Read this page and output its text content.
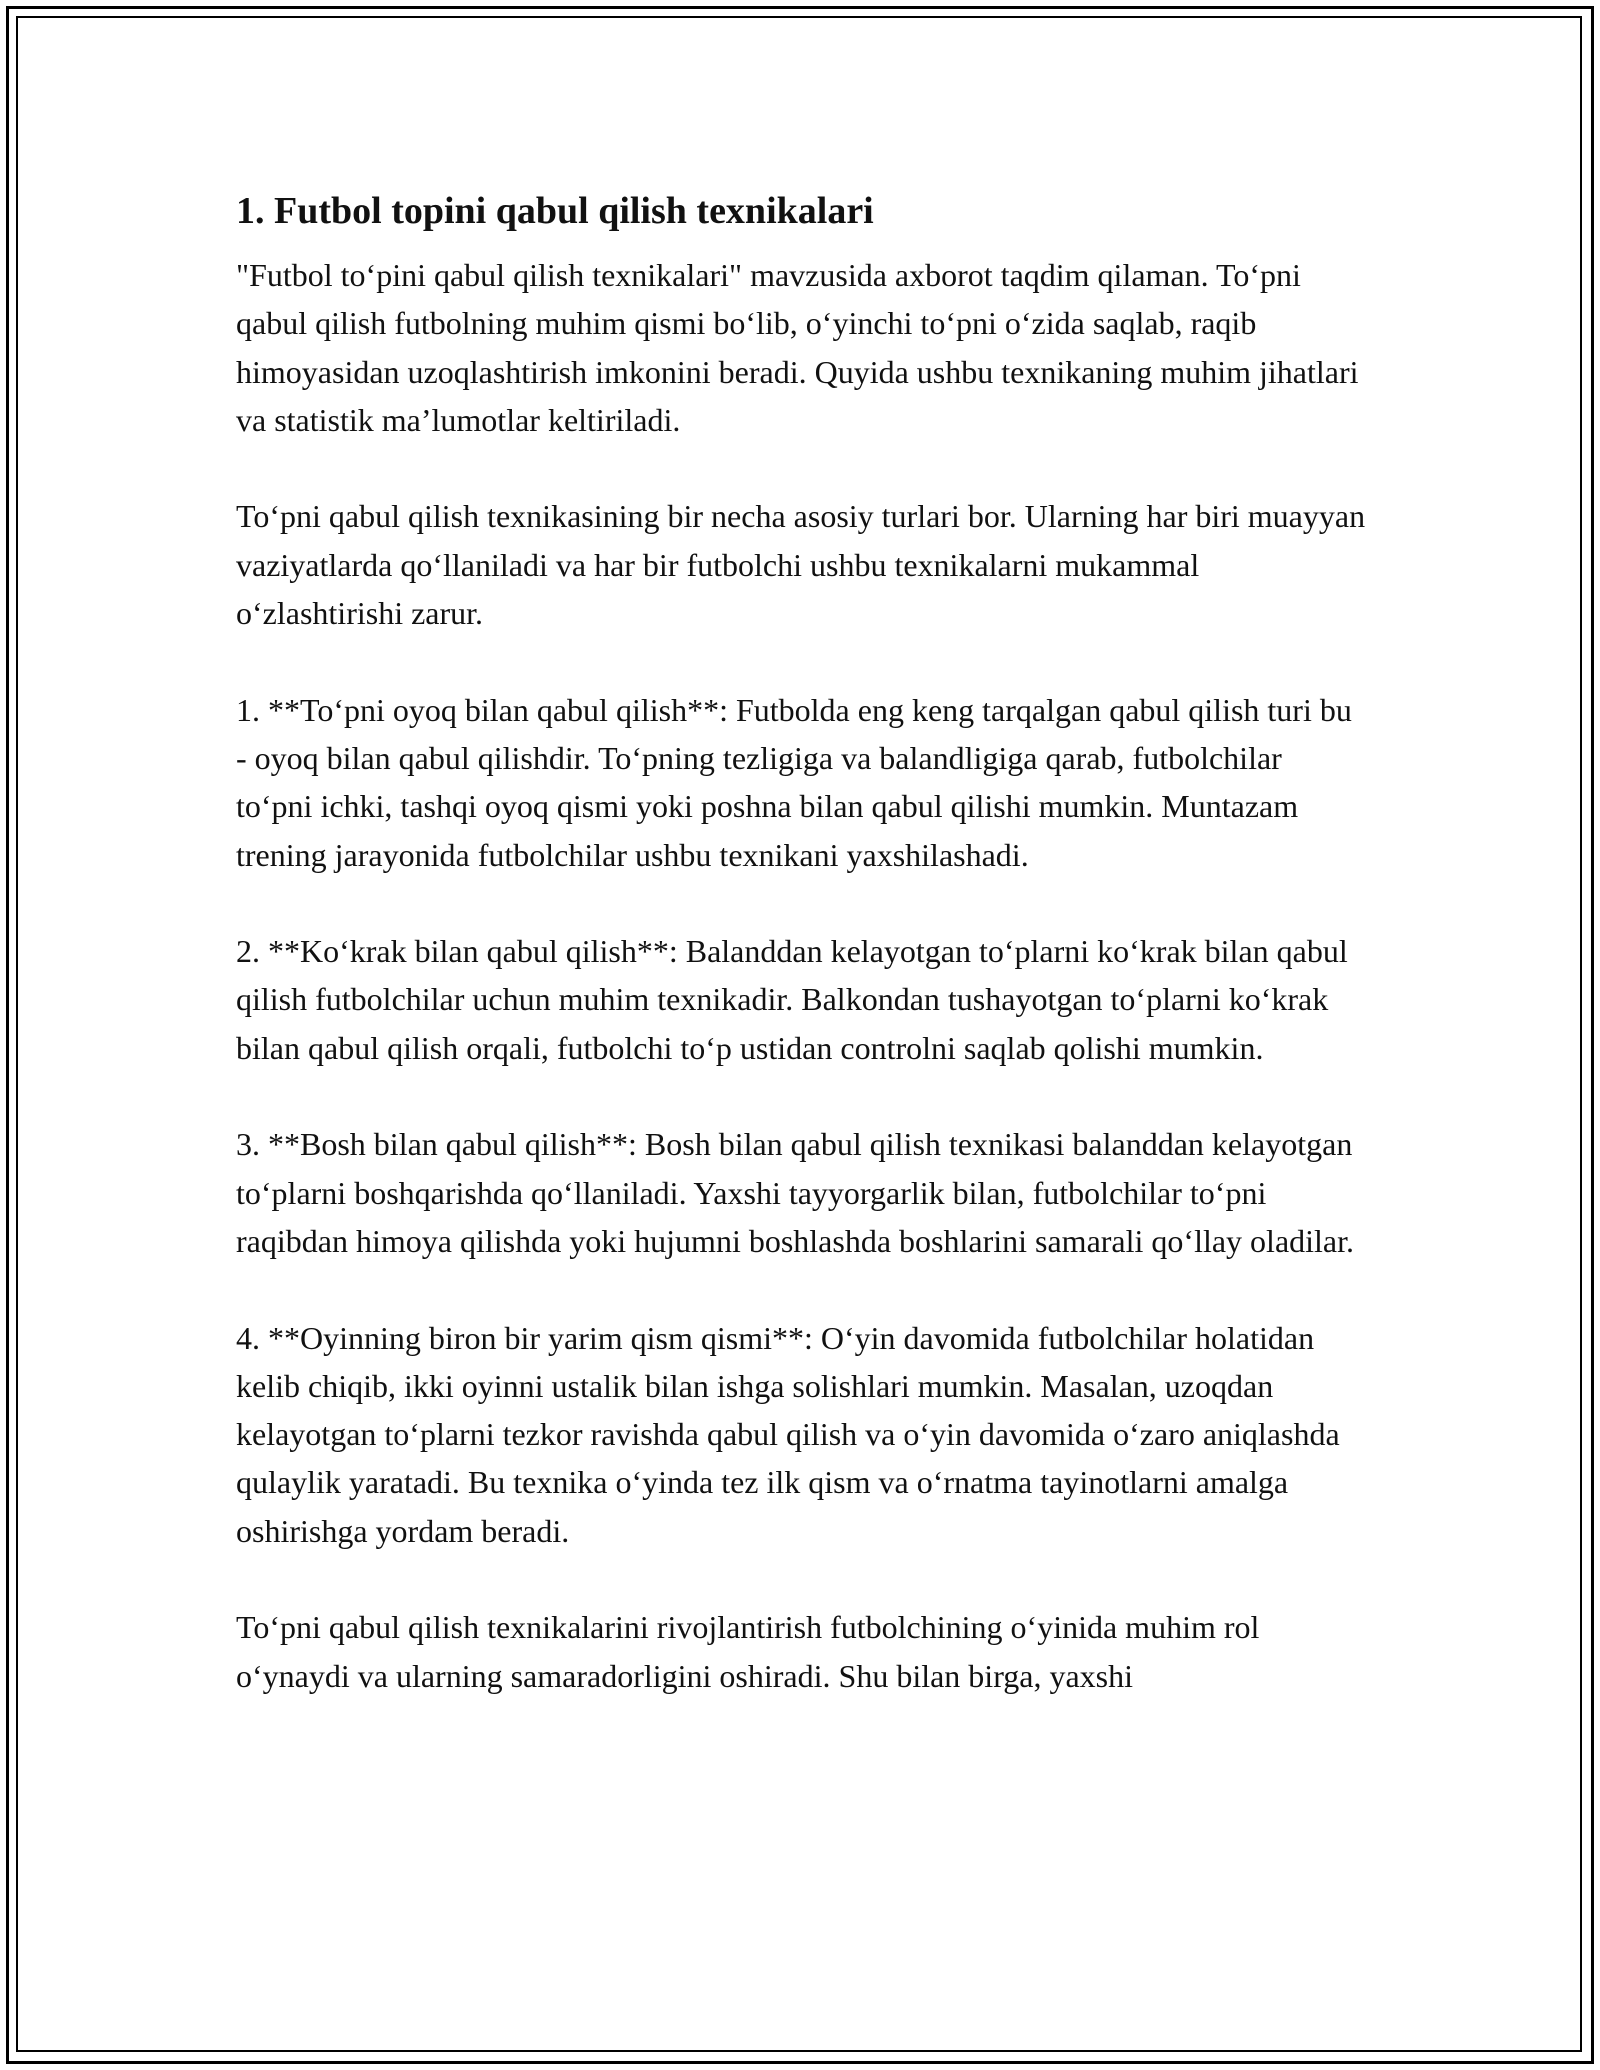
1. Futbol topini qabul qilish texnikalari

"Futbol to‘pini qabul qilish texnikalari" mavzusida axborot taqdim qilaman. To‘pni qabul qilish futbolning muhim qismi bo‘lib, o‘yinchi to‘pni o‘zida saqlab, raqib himoyasidan uzoqlashtirish imkonini beradi. Quyida ushbu texnikaning muhim jihatlari va statistik ma’lumotlar keltiriladi.

To‘pni qabul qilish texnikasining bir necha asosiy turlari bor. Ularning har biri muayyan vaziyatlarda qo‘llaniladi va har bir futbolchi ushbu texnikalarni mukammal o‘zlashtirishi zarur.

1. **To‘pni oyoq bilan qabul qilish**: Futbolda eng keng tarqalgan qabul qilish turi bu - oyoq bilan qabul qilishdir. To‘pning tezligiga va balandligiga qarab, futbolchilar to‘pni ichki, tashqi oyoq qismi yoki poshna bilan qabul qilishi mumkin. Muntazam trening jarayonida futbolchilar ushbu texnikani yaxshilashadi.

2. **Ko‘krak bilan qabul qilish**: Balanddan kelayotgan to‘plarni ko‘krak bilan qabul qilish futbolchilar uchun muhim texnikadir. Balkondan tushayotgan to‘plarni ko‘krak bilan qabul qilish orqali, futbolchi to‘p ustidan controlni saqlab qolishi mumkin.

3. **Bosh bilan qabul qilish**: Bosh bilan qabul qilish texnikasi balanddan kelayotgan to‘plarni boshqarishda qo‘llaniladi. Yaxshi tayyorgarlik bilan, futbolchilar to‘pni raqibdan himoya qilishda yoki hujumni boshlashda boshlarini samarali qo‘llay oladilar.

4. **Oyinning biron bir yarim qism qismi**: O‘yin davomida futbolchilar holatidan kelib chiqib, ikki oyinni ustalik bilan ishga solishlari mumkin. Masalan, uzoqdan kelayotgan to‘plarni tezkor ravishda qabul qilish va o‘yin davomida o‘zaro aniqlashda qulaylik yaratadi. Bu texnika o‘yinda tez ilk qism va o‘rnatma tayinotlarni amalga oshirishga yordam beradi.

To‘pni qabul qilish texnikalarini rivojlantirish futbolchining o‘yinida muhim rol o‘ynaydi va ularning samaradorligini oshiradi. Shu bilan birga, yaxshi
